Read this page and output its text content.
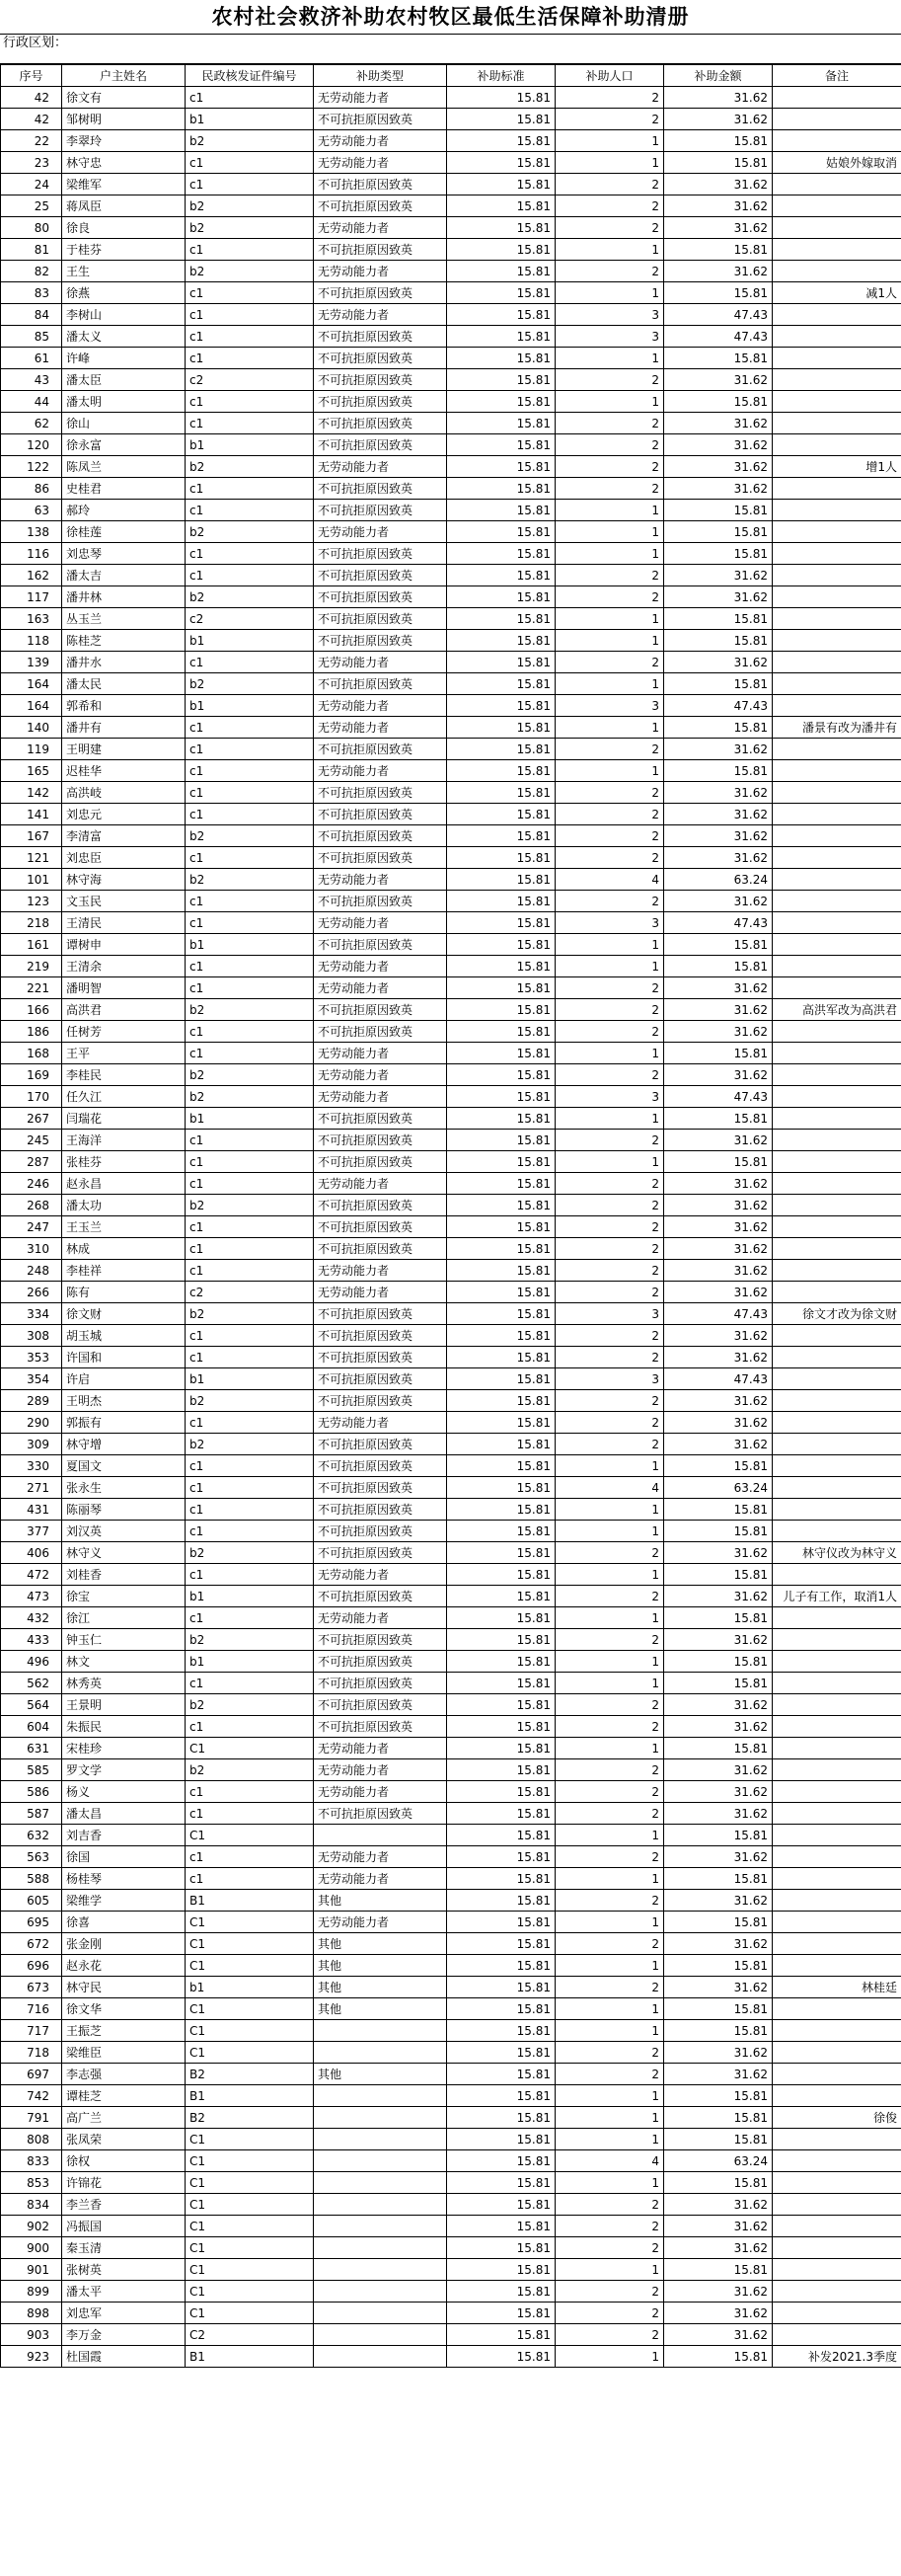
农村社会救济补助农村牧区最低生活保障补助清册
行政区划：
序号	户主姓名	民政核发证件编号	补助类型	补助标准	补助人口	补助金额	备注
42	徐文有	c1	无劳动能力者	15.81	2	31.62	
42	邹树明	b1	不可抗拒原因致英	15.81	2	31.62	
22	李翠玲	b2	无劳动能力者	15.81	1	15.81	
23	林守忠	c1	无劳动能力者	15.81	1	15.81	姑娘外嫁取消
24	梁维军	c1	不可抗拒原因致英	15.81	2	31.62	
25	蒋凤臣	b2	不可抗拒原因致英	15.81	2	31.62	
80	徐良	b2	无劳动能力者	15.81	2	31.62	
81	于桂芬	c1	不可抗拒原因致英	15.81	1	15.81	
82	王生	b2	无劳动能力者	15.81	2	31.62	
83	徐燕	c1	不可抗拒原因致英	15.81	1	15.81	减1人
84	李树山	c1	无劳动能力者	15.81	3	47.43	
85	潘太义	c1	不可抗拒原因致英	15.81	3	47.43	
61	许峰	c1	不可抗拒原因致英	15.81	1	15.81	
43	潘太臣	c2	不可抗拒原因致英	15.81	2	31.62	
44	潘太明	c1	不可抗拒原因致英	15.81	1	15.81	
62	徐山	c1	不可抗拒原因致英	15.81	2	31.62	
120	徐永富	b1	不可抗拒原因致英	15.81	2	31.62	
122	陈凤兰	b2	无劳动能力者	15.81	2	31.62	增1人
86	史桂君	c1	不可抗拒原因致英	15.81	2	31.62	
63	郝玲	c1	不可抗拒原因致英	15.81	1	15.81	
138	徐桂莲	b2	无劳动能力者	15.81	1	15.81	
116	刘忠琴	c1	不可抗拒原因致英	15.81	1	15.81	
162	潘太吉	c1	不可抗拒原因致英	15.81	2	31.62	
117	潘井林	b2	不可抗拒原因致英	15.81	2	31.62	
163	丛玉兰	c2	不可抗拒原因致英	15.81	1	15.81	
118	陈桂芝	b1	不可抗拒原因致英	15.81	1	15.81	
139	潘井水	c1	无劳动能力者	15.81	2	31.62	
164	潘太民	b2	不可抗拒原因致英	15.81	1	15.81	
164	郭希和	b1	无劳动能力者	15.81	3	47.43	
140	潘井有	c1	无劳动能力者	15.81	1	15.81	潘景有改为潘井有
119	王明建	c1	不可抗拒原因致英	15.81	2	31.62	
165	迟桂华	c1	无劳动能力者	15.81	1	15.81	
142	高洪岐	c1	不可抗拒原因致英	15.81	2	31.62	
141	刘忠元	c1	不可抗拒原因致英	15.81	2	31.62	
167	李清富	b2	不可抗拒原因致英	15.81	2	31.62	
121	刘忠臣	c1	不可抗拒原因致英	15.81	2	31.62	
101	林守海	b2	无劳动能力者	15.81	4	63.24	
123	文玉民	c1	不可抗拒原因致英	15.81	2	31.62	
218	王清民	c1	无劳动能力者	15.81	3	47.43	
161	谭树申	b1	不可抗拒原因致英	15.81	1	15.81	
219	王清余	c1	无劳动能力者	15.81	1	15.81	
221	潘明智	c1	无劳动能力者	15.81	2	31.62	
166	高洪君	b2	不可抗拒原因致英	15.81	2	31.62	高洪军改为高洪君
186	任树芳	c1	不可抗拒原因致英	15.81	2	31.62	
168	王平	c1	无劳动能力者	15.81	1	15.81	
169	李桂民	b2	无劳动能力者	15.81	2	31.62	
170	任久江	b2	无劳动能力者	15.81	3	47.43	
267	闫瑞花	b1	不可抗拒原因致英	15.81	1	15.81	
245	王海洋	c1	不可抗拒原因致英	15.81	2	31.62	
287	张桂芬	c1	不可抗拒原因致英	15.81	1	15.81	
246	赵永昌	c1	无劳动能力者	15.81	2	31.62	
268	潘太功	b2	不可抗拒原因致英	15.81	2	31.62	
247	王玉兰	c1	不可抗拒原因致英	15.81	2	31.62	
310	林成	c1	不可抗拒原因致英	15.81	2	31.62	
248	李桂祥	c1	无劳动能力者	15.81	2	31.62	
266	陈有	c2	无劳动能力者	15.81	2	31.62	
334	徐文财	b2	不可抗拒原因致英	15.81	3	47.43	徐文才改为徐文财
308	胡玉城	c1	不可抗拒原因致英	15.81	2	31.62	
353	许国和	c1	不可抗拒原因致英	15.81	2	31.62	
354	许启	b1	不可抗拒原因致英	15.81	3	47.43	
289	王明杰	b2	不可抗拒原因致英	15.81	2	31.62	
290	郭振有	c1	无劳动能力者	15.81	2	31.62	
309	林守增	b2	不可抗拒原因致英	15.81	2	31.62	
330	夏国文	c1	不可抗拒原因致英	15.81	1	15.81	
271	张永生	c1	不可抗拒原因致英	15.81	4	63.24	
431	陈丽琴	c1	不可抗拒原因致英	15.81	1	15.81	
377	刘汉英	c1	不可抗拒原因致英	15.81	1	15.81	
406	林守义	b2	不可抗拒原因致英	15.81	2	31.62	林守仪改为林守义
472	刘桂香	c1	无劳动能力者	15.81	1	15.81	
473	徐宝	b1	不可抗拒原因致英	15.81	2	31.62	儿子有工作，取消1人
432	徐江	c1	无劳动能力者	15.81	1	15.81	
433	钟玉仁	b2	不可抗拒原因致英	15.81	2	31.62	
496	林文	b1	不可抗拒原因致英	15.81	1	15.81	
562	林秀英	c1	不可抗拒原因致英	15.81	1	15.81	
564	王景明	b2	不可抗拒原因致英	15.81	2	31.62	
604	朱振民	c1	不可抗拒原因致英	15.81	2	31.62	
631	宋桂珍	C1	无劳动能力者	15.81	1	15.81	
585	罗文学	b2	无劳动能力者	15.81	2	31.62	
586	杨义	c1	无劳动能力者	15.81	2	31.62	
587	潘太昌	c1	不可抗拒原因致英	15.81	2	31.62	
632	刘吉香	C1		15.81	1	15.81	
563	徐国	c1	无劳动能力者	15.81	2	31.62	
588	杨桂琴	c1	无劳动能力者	15.81	1	15.81	
605	梁维学	B1	其他	15.81	2	31.62	
695	徐喜	C1	无劳动能力者	15.81	1	15.81	
672	张金刚	C1	其他	15.81	2	31.62	
696	赵永花	C1	其他	15.81	1	15.81	
673	林守民	b1	其他	15.81	2	31.62	林桂廷
716	徐文华	C1	其他	15.81	1	15.81	
717	王振芝	C1		15.81	1	15.81	
718	梁维臣	C1		15.81	2	31.62	
697	李志强	B2	其他	15.81	2	31.62	
742	谭桂芝	B1		15.81	1	15.81	
791	高广兰	B2		15.81	1	15.81	徐俊
808	张凤荣	C1		15.81	1	15.81	
833	徐权	C1		15.81	4	63.24	
853	许锦花	C1		15.81	1	15.81	
834	李兰香	C1		15.81	2	31.62	
902	冯振国	C1		15.81	2	31.62	
900	秦玉清	C1		15.81	2	31.62	
901	张树英	C1		15.81	1	15.81	
899	潘太平	C1		15.81	2	31.62	
898	刘忠军	C1		15.81	2	31.62	
903	李万金	C2		15.81	2	31.62	
923	杜国霞	B1		15.81	1	15.81	补发2021.3季度
